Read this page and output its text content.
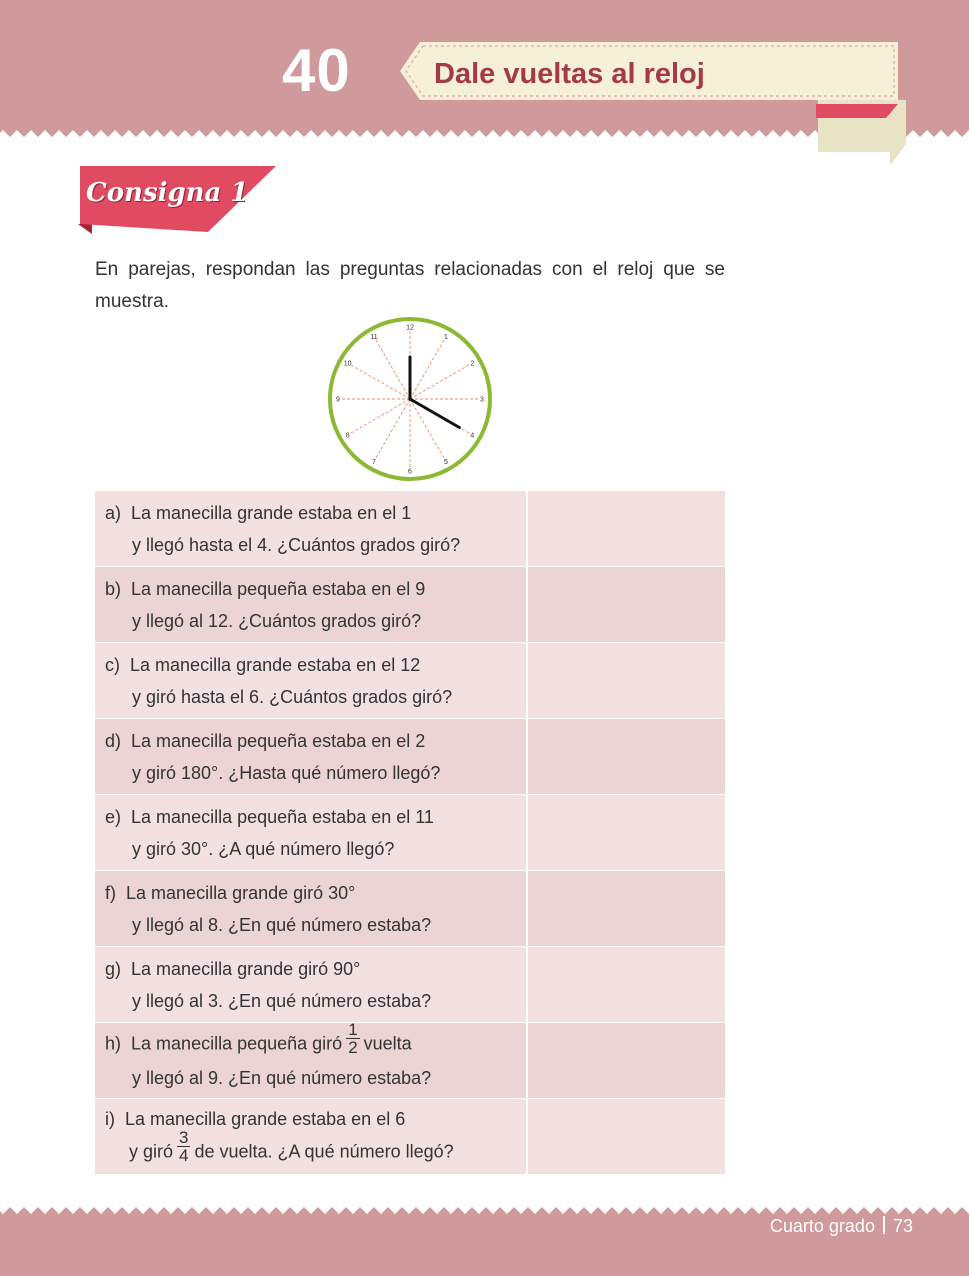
40	Dale vueltas al reloj
Consigna 1
En parejas, respondan las preguntas relacionadas con el reloj que se muestra.
12
1
2
3
4
5
6
7
8
9
10
11
a) La manecilla grande estaba en el 1
y llegó hasta el 4. ¿Cuántos grados giró?	

b) La manecilla pequeña estaba en el 9
y llegó al 12. ¿Cuántos grados giró?	

c) La manecilla grande estaba en el 12
y giró hasta el 6. ¿Cuántos grados giró?	

d) La manecilla pequeña estaba en el 2
y giró 180°. ¿Hasta qué número llegó?	

e) La manecilla pequeña estaba en el 11
y giró 30°. ¿A qué número llegó?	

f) La manecilla grande giró 30°
y llegó al 8. ¿En qué número estaba?	

g) La manecilla grande giró 90°
y llegó al 3. ¿En qué número estaba?	

h) La manecilla pequeña giró $\frac{1}{2}$ vuelta
y llegó al 9. ¿En qué número estaba?	

i) La manecilla grande estaba en el 6
y giró $\frac{3}{4}$ de vuelta. ¿A qué número llegó?	

Cuarto grado 73
